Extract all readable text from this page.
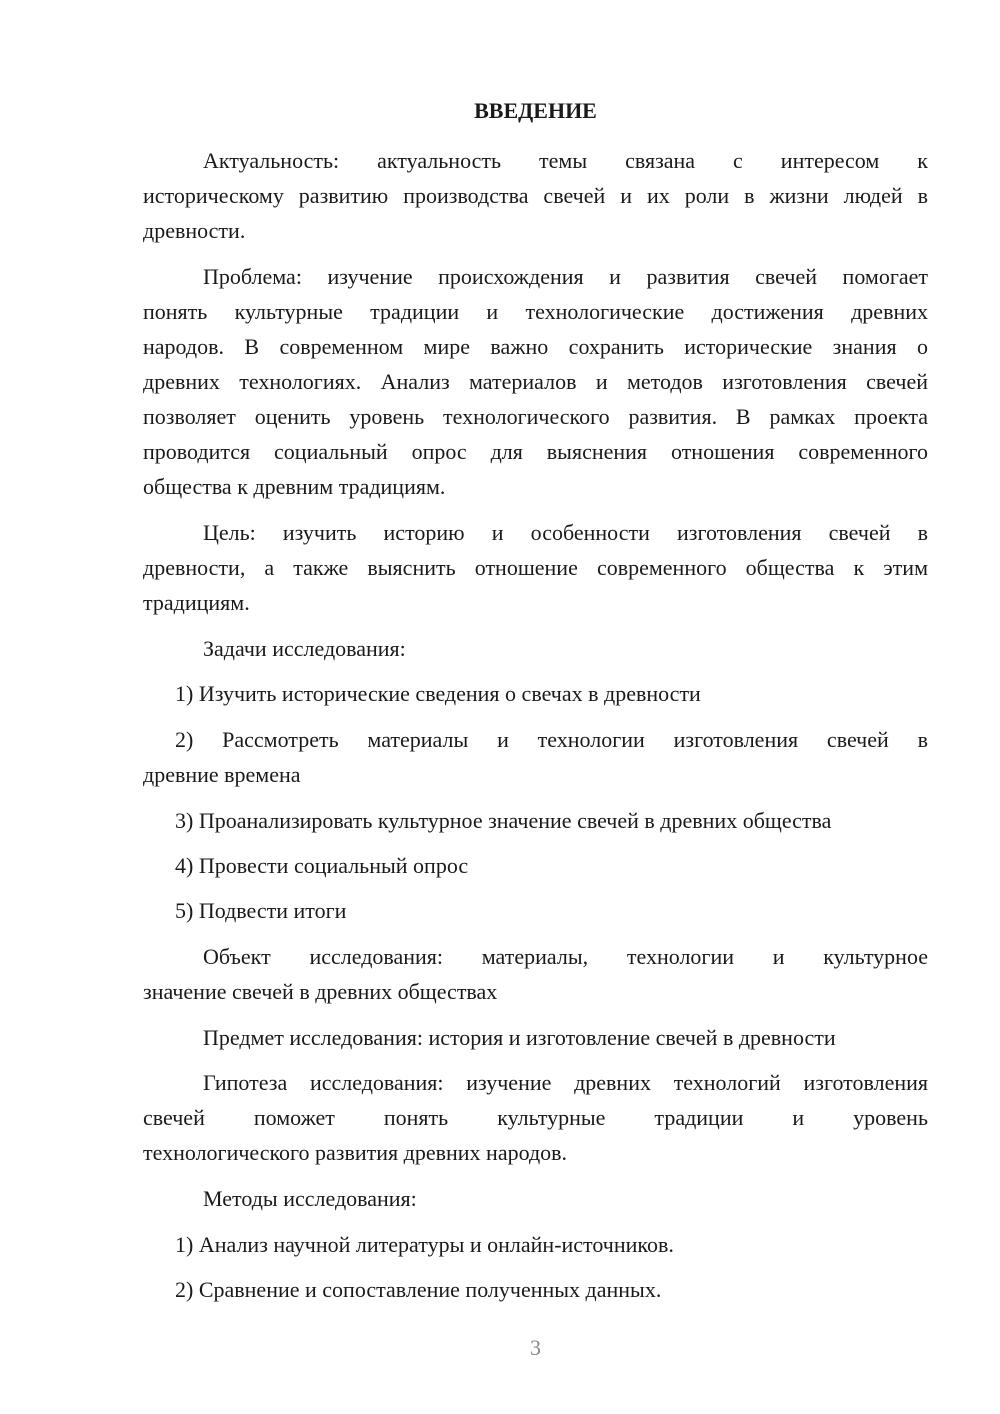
ВВЕДЕНИЕ
Актуальность: актуальность темы связана с интересом к
историческому развитию производства свечей и их роли в жизни людей в
древности.
Проблема: изучение происхождения и развития свечей помогает
понять культурные традиции и технологические достижения древних
народов. В современном мире важно сохранить исторические знания о
древних технологиях. Анализ материалов и методов изготовления свечей
позволяет оценить уровень технологического развития. В рамках проекта
проводится социальный опрос для выяснения отношения современного
общества к древним традициям.
Цель: изучить историю и особенности изготовления свечей в
древности, а также выяснить отношение современного общества к этим
традициям.
Задачи исследования:
1) Изучить исторические сведения о свечах в древности
2) Рассмотреть материалы и технологии изготовления свечей в
древние времена
3) Проанализировать культурное значение свечей в древних общества
4) Провести социальный опрос
5) Подвести итоги
Объект исследования: материалы, технологии и культурное
значение свечей в древних обществах
Предмет исследования: история и изготовление свечей в древности
Гипотеза исследования: изучение древних технологий изготовления
свечей поможет понять культурные традиции и уровень
технологического развития древних народов.
Методы исследования:
1) Анализ научной литературы и онлайн-источников.
2) Сравнение и сопоставление полученных данных.
3
